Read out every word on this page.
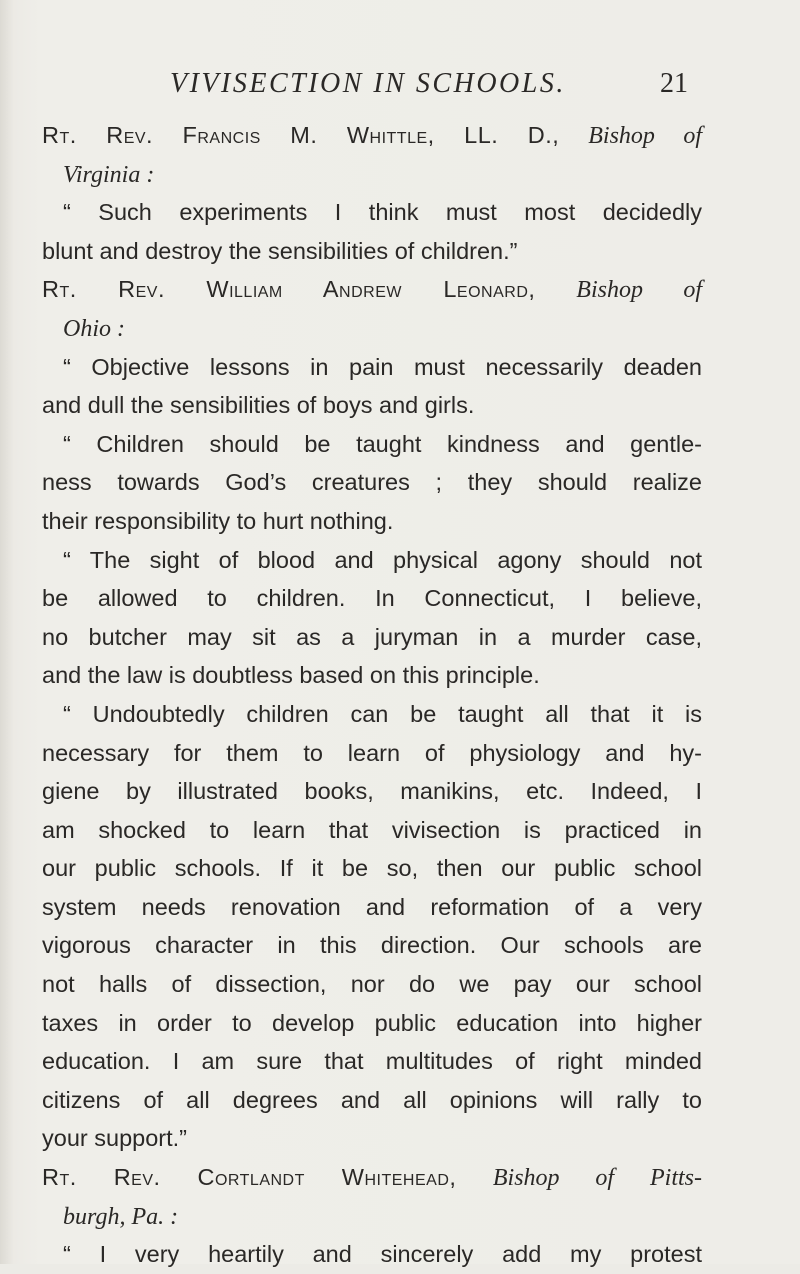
VIVISECTION IN SCHOOLS.	21
Rt. Rev. Francis M. Whittle, LL. D., Bishop of
Virginia :
“ Such experiments I think must most decidedly
blunt and destroy the sensibilities of children.”
Rt. Rev. William Andrew Leonard, Bishop of
Ohio :
“ Objective lessons in pain must necessarily deaden
and dull the sensibilities of boys and girls.
“ Children should be taught kindness and gentle-
ness towards God’s creatures ; they should realize
their responsibility to hurt nothing.
“ The sight of blood and physical agony should not
be allowed to children. In Connecticut, I believe,
no butcher may sit as a juryman in a murder case,
and the law is doubtless based on this principle.
“ Undoubtedly children can be taught all that it is
necessary for them to learn of physiology and hy-
giene by illustrated books, manikins, etc. Indeed, I
am shocked to learn that vivisection is practiced in
our public schools. If it be so, then our public school
system needs renovation and reformation of a very
vigorous character in this direction. Our schools are
not halls of dissection, nor do we pay our school
taxes in order to develop public education into higher
education. I am sure that multitudes of right minded
citizens of all degrees and all opinions will rally to
your support.”
Rt. Rev. Cortlandt Whitehead, Bishop of Pitts-
burgh, Pa. :
“ I very heartily and sincerely add my protest
